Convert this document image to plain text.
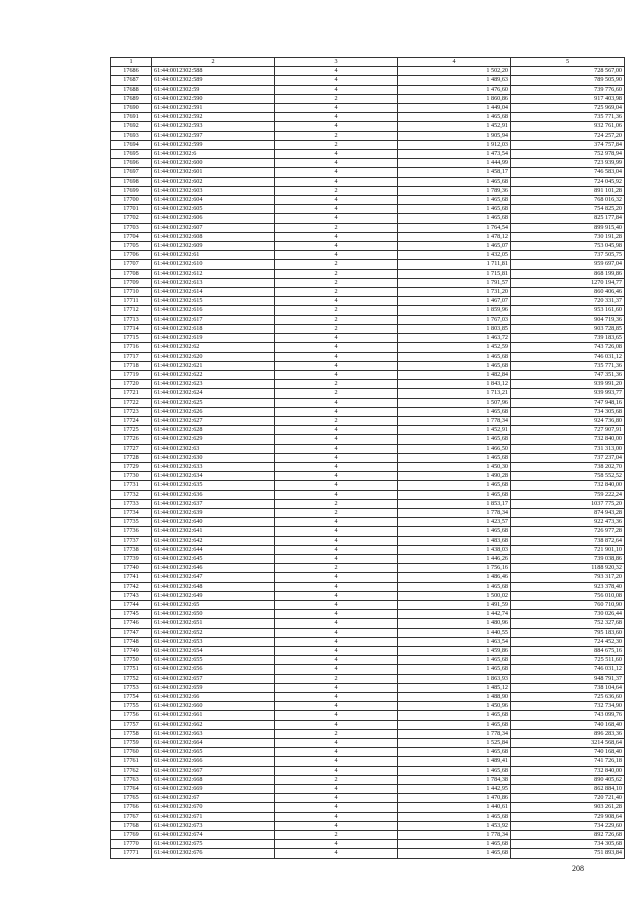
1	2	3	4	5
17686	61:44:0012302:588	4	1 502,20	728 567,00
17687	61:44:0012302:589	4	1 489,63	789 505,90
17688	61:44:0012302:59	4	1 476,60	739 776,60
17689	61:44:0012302:590	2	1 860,86	917 403,98
17690	61:44:0012302:591	4	1 449,04	725 969,04
17691	61:44:0012302:592	4	1 465,68	735 771,36
17692	61:44:0012302:593	4	1 452,91	932 761,06
17693	61:44:0012302:597	2	1 905,94	724 257,20
17694	61:44:0012302:599	2	1 912,03	374 757,84
17695	61:44:0012302:6	4	1 473,54	752 978,94
17696	61:44:0012302:600	4	1 444,99	723 939,99
17697	61:44:0012302:601	4	1 458,17	746 583,04
17698	61:44:0012302:602	4	1 465,68	724 045,92
17699	61:44:0012302:603	2	1 789,36	891 101,28
17700	61:44:0012302:604	4	1 465,68	768 016,32
17701	61:44:0012302:605	4	1 465,68	754 825,20
17702	61:44:0012302:606	4	1 465,68	825 177,84
17703	61:44:0012302:607	2	1 764,54	899 915,40
17704	61:44:0012302:608	4	1 478,12	730 191,28
17705	61:44:0012302:609	4	1 465,07	753 045,98
17706	61:44:0012302:61	4	1 432,05	737 505,75
17707	61:44:0012302:610	2	1 711,81	959 697,04
17708	61:44:0012302:612	2	1 715,81	868 199,86
17709	61:44:0012302:613	2	1 791,57	1270 194,77
17710	61:44:0012302:614	2	1 731,20	860 406,46
17711	61:44:0012302:615	4	1 467,07	720 331,37
17712	61:44:0012302:616	2	1 859,96	953 161,60
17713	61:44:0012302:617	2	1 767,03	904 719,36
17714	61:44:0012302:618	2	1 803,85	903 728,85
17715	61:44:0012302:619	4	1 463,72	739 183,65
17716	61:44:0012302:62	4	1 452,59	743 726,08
17717	61:44:0012302:620	4	1 465,68	746 031,12
17718	61:44:0012302:621	4	1 465,68	735 771,36
17719	61:44:0012302:622	4	1 482,84	747 351,36
17720	61:44:0012302:623	2	1 843,12	939 991,20
17721	61:44:0012302:624	2	1 713,21	939 993,77
17722	61:44:0012302:625	4	1 507,96	747 948,16
17723	61:44:0012302:626	4	1 465,68	734 305,68
17724	61:44:0012302:627	2	1 778,34	924 736,80
17725	61:44:0012302:628	4	1 452,91	727 907,91
17726	61:44:0012302:629	4	1 465,68	732 840,00
17727	61:44:0012302:63	4	1 466,50	731 313,00
17728	61:44:0012302:630	4	1 465,68	737 237,04
17729	61:44:0012302:633	4	1 450,30	738 202,70
17730	61:44:0012302:634	4	1 490,28	758 552,52
17731	61:44:0012302:635	4	1 465,68	732 840,00
17732	61:44:0012302:636	4	1 465,68	759 222,24
17733	61:44:0012302:637	2	1 853,17	1037 775,20
17734	61:44:0012302:639	2	1 778,34	874 943,28
17735	61:44:0012302:640	4	1 423,57	922 473,36
17736	61:44:0012302:641	4	1 465,68	726 977,28
17737	61:44:0012302:642	4	1 483,68	738 872,64
17738	61:44:0012302:644	4	1 438,03	721 901,10
17739	61:44:0012302:645	4	1 446,26	739 038,86
17740	61:44:0012302:646	2	1 756,16	1188 920,32
17741	61:44:0012302:647	4	1 486,46	793 317,20
17742	61:44:0012302:648	4	1 465,68	923 378,40
17743	61:44:0012302:649	4	1 500,02	756 010,08
17744	61:44:0012302:65	4	1 491,59	760 710,90
17745	61:44:0012302:650	4	1 442,74	730 026,44
17746	61:44:0012302:651	4	1 480,96	752 327,68
17747	61:44:0012302:652	4	1 440,55	795 183,60
17748	61:44:0012302:653	4	1 463,54	724 452,30
17749	61:44:0012302:654	4	1 459,86	884 675,16
17750	61:44:0012302:655	4	1 465,68	725 511,60
17751	61:44:0012302:656	4	1 465,68	746 031,12
17752	61:44:0012302:657	2	1 863,93	948 791,37
17753	61:44:0012302:659	4	1 485,12	738 104,64
17754	61:44:0012302:66	4	1 488,90	725 636,60
17755	61:44:0012302:660	4	1 450,96	732 734,90
17756	61:44:0012302:661	4	1 465,68	743 099,76
17757	61:44:0012302:662	4	1 465,68	740 168,40
17758	61:44:0012302:663	2	1 778,34	896 283,36
17759	61:44:0012302:664	4	1 525,84	3214 568,64
17760	61:44:0012302:665	4	1 465,68	740 168,40
17761	61:44:0012302:666	4	1 489,41	741 726,18
17762	61:44:0012302:667	4	1 465,68	732 840,00
17763	61:44:0012302:668	2	1 784,38	890 405,62
17764	61:44:0012302:669	4	1 442,95	862 884,10
17765	61:44:0012302:67	4	1 470,86	720 721,40
17766	61:44:0012302:670	4	1 440,61	903 261,28
17767	61:44:0012302:671	4	1 465,68	729 908,64
17768	61:44:0012302:673	4	1 453,92	734 229,60
17769	61:44:0012302:674	2	1 778,34	892 726,68
17770	61:44:0012302:675	4	1 465,68	734 305,68
17771	61:44:0012302:676	4	1 465,68	751 893,84
208
